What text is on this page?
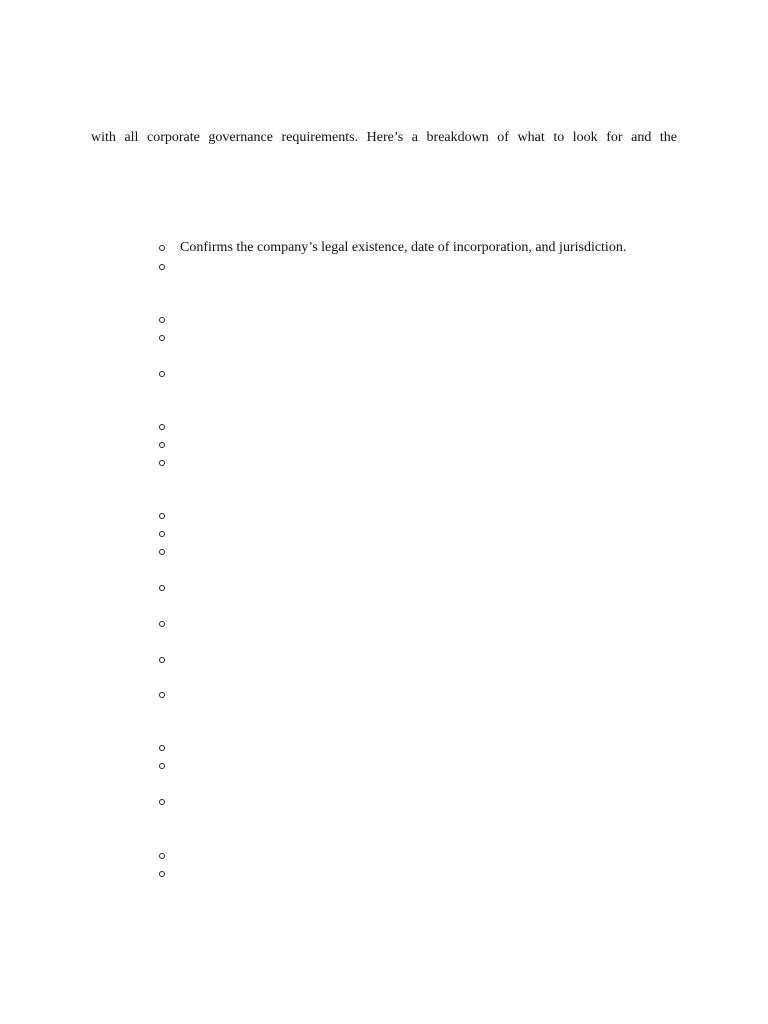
with all corporate governance requirements. Here’s a breakdown of what to look for and the
Confirms the company’s legal existence, date of incorporation, and jurisdiction.
